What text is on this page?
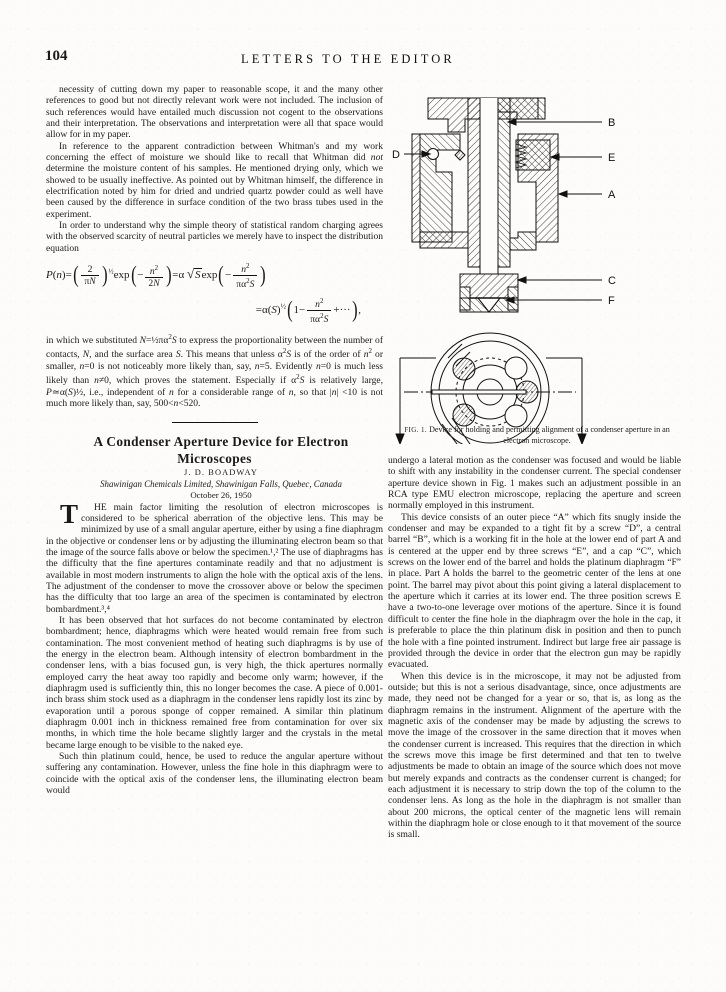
104	LETTERS TO THE EDITOR

necessity of cutting down my paper to reasonable scope, it and the many other references to good but not directly relevant work were not included. The inclusion of such references would have entailed much discussion not cogent to the observations and their interpretation. The observations and interpretation were all that space would allow for in my paper.

In reference to the apparent contradiction between Whitman's and my work concerning the effect of moisture we should like to recall that Whitman did not determine the moisture content of his samples. He mentioned drying only, which we showed to be usually ineffective. As pointed out by Whitman himself, the difference in electrification noted by him for dried and undried quartz powder could as well have been caused by the difference in surface condition of the two brass tubes used in the experiment.

In order to understand why the simple theory of statistical random charging agrees with the observed scarcity of neutral particles we merely have to inspect the distribution equation

$P(n)=( \frac{2}{\pi N} )^{\frac{1}{2}}\exp(- \frac{n^2}{2N} )=\alpha$ √ $Sexp(- \frac{n^2}{\pi\alpha^2S}$ )
$=\alpha(S)^{\frac{1}{2}}(1- \frac{n^2}{\pi\alpha^2S}$ +···),

in which we substituted $N=\frac{1}{2}\pi\alpha^2S$ to express the proportionality between the number of contacts, N, and the surface area S. This means that unless $\alpha^2S$ is of the order of $n^2$ or smaller, n=0 is not noticeably more likely than, say, n=5. Evidently n=0 is much less likely than n≠0, which proves the statement. Especially if $\alpha^2S$ is relatively large, P≃α(S)½, i.e., independent of n for a considerable range of n, so that |n| <10 is not much more likely than, say, 500<n<520.

A Condenser Aperture Device for Electron Microscopes

J. D. BOADWAY

Shawinigan Chemicals Limited, Shawinigan Falls, Quebec, Canada

October 26, 1950

T HE main factor limiting the resolution of electron microscopes is considered to be spherical aberration of the objective lens. This may be minimized by use of a small angular aperture, either by using a fine diaphragm in the objective or condenser lens or by adjusting the illuminating electron beam so that the image of the source falls above or below the specimen.¹,² The use of diaphragms has the difficulty that the fine apertures contaminate readily and that no adjustment is available in most modern instruments to align the hole with the optical axis of the lens. The adjustment of the condenser to move the crossover above or below the specimen has the difficulty that too large an area of the specimen is contaminated by electron bombardment.³,⁴

It has been observed that hot surfaces do not become contaminated by electron bombardment; hence, diaphragms which were heated would remain free from such contamination. The most convenient method of heating such diaphragms is by use of the energy in the electron beam. Although intensity of electron bombardment in the condenser lens, with a bias focused gun, is very high, the thick apertures normally employed carry the heat away too rapidly and become only warm; however, if the diaphragm used is sufficiently thin, this no longer becomes the case. A piece of 0.001-inch brass shim stock used as a diaphragm in the condenser lens rapidly lost its zinc by evaporation until a porous sponge of copper remained. A similar thin platinum diaphragm 0.001 inch in thickness remained free from contamination for over six months, in which time the hole became slightly larger and the crystals in the metal became large enough to be visible to the naked eye.

Such thin platinum could, hence, be used to reduce the angular aperture without suffering any contamination. However, unless the fine hole in this diaphragm were to coincide with the optical axis of the condenser lens, the illuminating electron beam would

B
D	E
A
C
F
FIG. 1. Device for holding and permitting alignment of a condenser aperture in an electron microscope.

undergo a lateral motion as the condenser was focused and would be liable to shift with any instability in the condenser current. The special condenser aperture device shown in Fig. 1 makes such an adjustment possible in an RCA type EMU electron microscope, replacing the aperture and screen normally employed in this instrument.

This device consists of an outer piece “A” which fits snugly inside the condenser and may be expanded to a tight fit by a screw “D”, a central barrel “B”, which is a working fit in the hole at the lower end of part A and is centered at the upper end by three screws “E”, and a cap “C”, which screws on the lower end of the barrel and holds the platinum diaphragm “F” in place. Part A holds the barrel to the geometric center of the lens at one point. The barrel may pivot about this point giving a lateral displacement to the aperture which it carries at its lower end. The three position screws E have a two-to-one leverage over motions of the aperture. Since it is found difficult to center the fine hole in the diaphragm over the hole in the cap, it is preferable to place the thin platinum disk in position and then to punch the hole with a fine pointed instrument. Indirect but large free air passage is provided through the device in order that the electron gun may be rapidly evacuated.

When this device is in the microscope, it may not be adjusted from outside; but this is not a serious disadvantage, since, once adjustments are made, they need not be changed for a year or so, that is, as long as the diaphragm remains in the instrument. Alignment of the aperture with the magnetic axis of the condenser may be made by adjusting the screws to move the image of the crossover in the same direction that it moves when the condenser current is increased. This requires that the direction in which the screws move this image be first determined and that ten to twelve adjustments be made to obtain an image of the source which does not move but merely expands and contracts as the condenser current is changed; for each adjustment it is necessary to strip down the top of the column to the condenser lens. As long as the hole in the diaphragm is not smaller than about 200 microns, the optical center of the magnetic lens will remain within the diaphragm hole or close enough to it that movement of the source is small.
